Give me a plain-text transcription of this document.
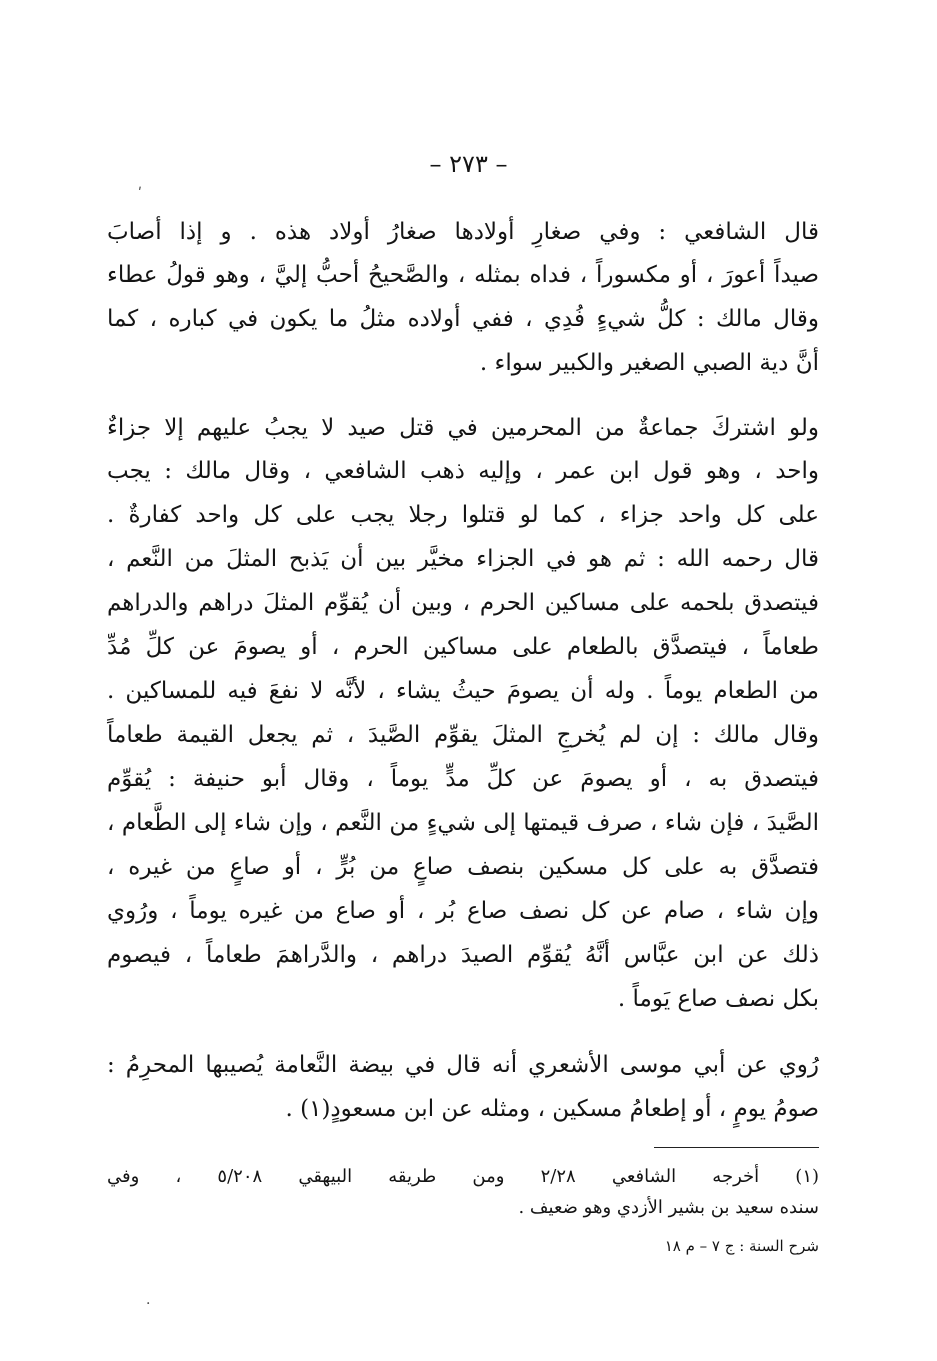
– ٢٧٣ –
ʹ
قال الشافعي : وفي صغارِ أولادها صغارُ أولاد هذه . و إذا أصابَ
صيداً أعورَ ، أو مكسوراً ، فداه بمثله ، والصَّحيحُ أحبُّ إليَّ ، وهو قولُ عطاء
وقال مالك : كلُّ شيءٍ فُدِي ، ففي أولاده مثلُ ما يكون في كباره ، كما
أنَّ دية الصبي الصغير والكبير سواء .
ولو اشتركَ جماعةٌ من المحرمين في قتل صيد لا يجبُ عليهم إلا جزاءٌ
واحد ، وهو قول ابن عمر ، وإليه ذهب الشافعي ، وقال مالك : يجب
على كل واحد جزاء ، كما لو قتلوا رجلا يجب على كل واحد كفارةٌ .
قال رحمه الله : ثم هو في الجزاء مخيَّر بين أن يَذبح المثلَ من النَّعم ،
فيتصدق بلحمه على مساكين الحرم ، وبين أن يُقوِّم المثلَ دراهم والدراهم
طعاماً ، فيتصدَّق بالطعام على مساكين الحرم ، أو يصومَ عن كلِّ مُدِّ
من الطعام يوماً . وله أن يصومَ حيثُ يشاء ، لأنَّه لا نفعَ فيه للمساكين .
وقال مالك : إن لم يُخرجِ المثلَ يقوِّم الصَّيدَ ، ثم يجعل القيمة طعاماً
فيتصدق به ، أو يصومَ عن كلِّ مدٍّ يوماً ، وقال أبو حنيفة : يُقوِّم
الصَّيدَ ، فإن شاء ، صرف قيمتها إلى شيءٍ من النَّعم ، وإن شاء إلى الطَّعام ،
فتصدَّق به على كل مسكين بنصف صاعٍ من بُرٍّ ، أو صاعٍ من غيره ،
وإن شاء ، صام عن كل نصف صاع بُر ، أو صاع من غيره يوماً ، ورُوي
ذلك عن ابن عبَّاس أنَّهُ يُقوِّم الصيدَ دراهم ، والدَّراهمَ طعاماً ، فيصوم
بكل نصف صاع يَوماً .
رُوي عن أبي موسى الأشعري أنه قال في بيضة النَّعامة يُصيبها المحرِمُ :
صومُ يومٍ ، أو إطعامُ مسكين ، ومثله عن ابن مسعودٍ(١) .
(١) أخرجه الشافعي ٢/٢٨ ومن طريقه البيهقي ٥/٢٠٨ ، وفي
سنده سعيد بن بشير الأزدي وهو ضعيف .
شرح السنة : ج ٧ – م ١٨
·
